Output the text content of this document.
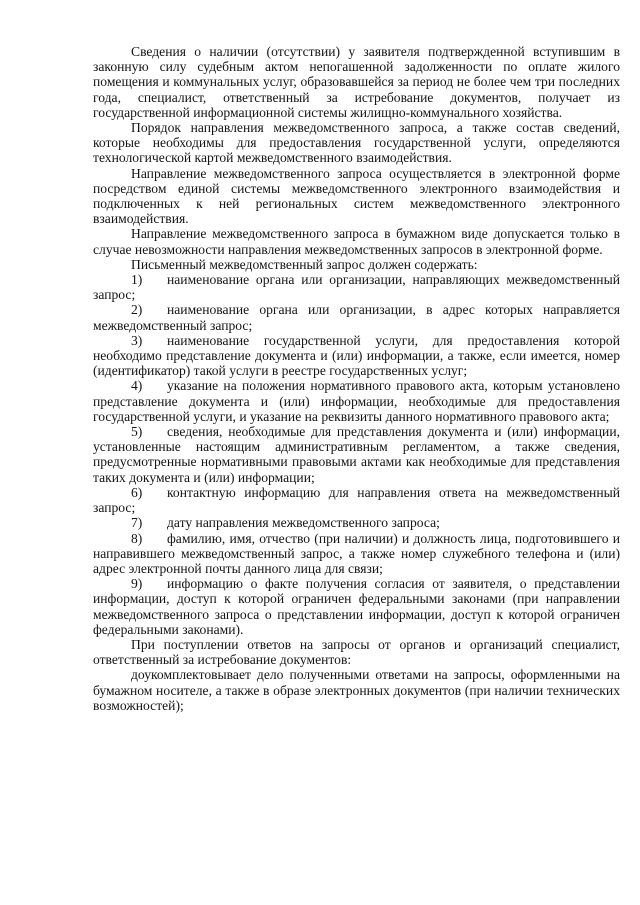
Сведения о наличии (отсутствии) у заявителя подтвержденной вступившим в законную силу судебным актом непогашенной задолженности по оплате жилого помещения и коммунальных услуг, образовавшейся за период не более чем три последних года, специалист, ответственный за истребование документов, получает из государственной информационной системы жилищно-коммунального хозяйства.

Порядок направления межведомственного запроса, а также состав сведений, которые необходимы для предоставления государственной услуги, определяются технологической картой межведомственного взаимодействия.

Направление межведомственного запроса осуществляется в электронной форме посредством единой системы межведомственного электронного взаимодействия и подключенных к ней региональных систем межведомственного электронного взаимодействия.

Направление межведомственного запроса в бумажном виде допускается только в случае невозможности направления межведомственных запросов в электронной форме.

Письменный межведомственный запрос должен содержать:

1) наименование органа или организации, направляющих межведомственный запрос;

2) наименование органа или организации, в адрес которых направляется межведомственный запрос;

3) наименование государственной услуги, для предоставления которой необходимо представление документа и (или) информации, а также, если имеется, номер (идентификатор) такой услуги в реестре государственных услуг;

4) указание на положения нормативного правового акта, которым установлено представление документа и (или) информации, необходимые для предоставления государственной услуги, и указание на реквизиты данного нормативного правового акта;

5) сведения, необходимые для представления документа и (или) информации, установленные настоящим административным регламентом, а также сведения, предусмотренные нормативными правовыми актами как необходимые для представления таких документа и (или) информации;

6) контактную информацию для направления ответа на межведомственный запрос;

7) дату направления межведомственного запроса;

8) фамилию, имя, отчество (при наличии) и должность лица, подготовившего и направившего межведомственный запрос, а также номер служебного телефона и (или) адрес электронной почты данного лица для связи;

9) информацию о факте получения согласия от заявителя, о представлении информации, доступ к которой ограничен федеральными законами (при направлении межведомственного запроса о представлении информации, доступ к которой ограничен федеральными законами).

При поступлении ответов на запросы от органов и организаций специалист, ответственный за истребование документов:

доукомплектовывает дело полученными ответами на запросы, оформленными на бумажном носителе, а также в образе электронных документов (при наличии технических возможностей);
